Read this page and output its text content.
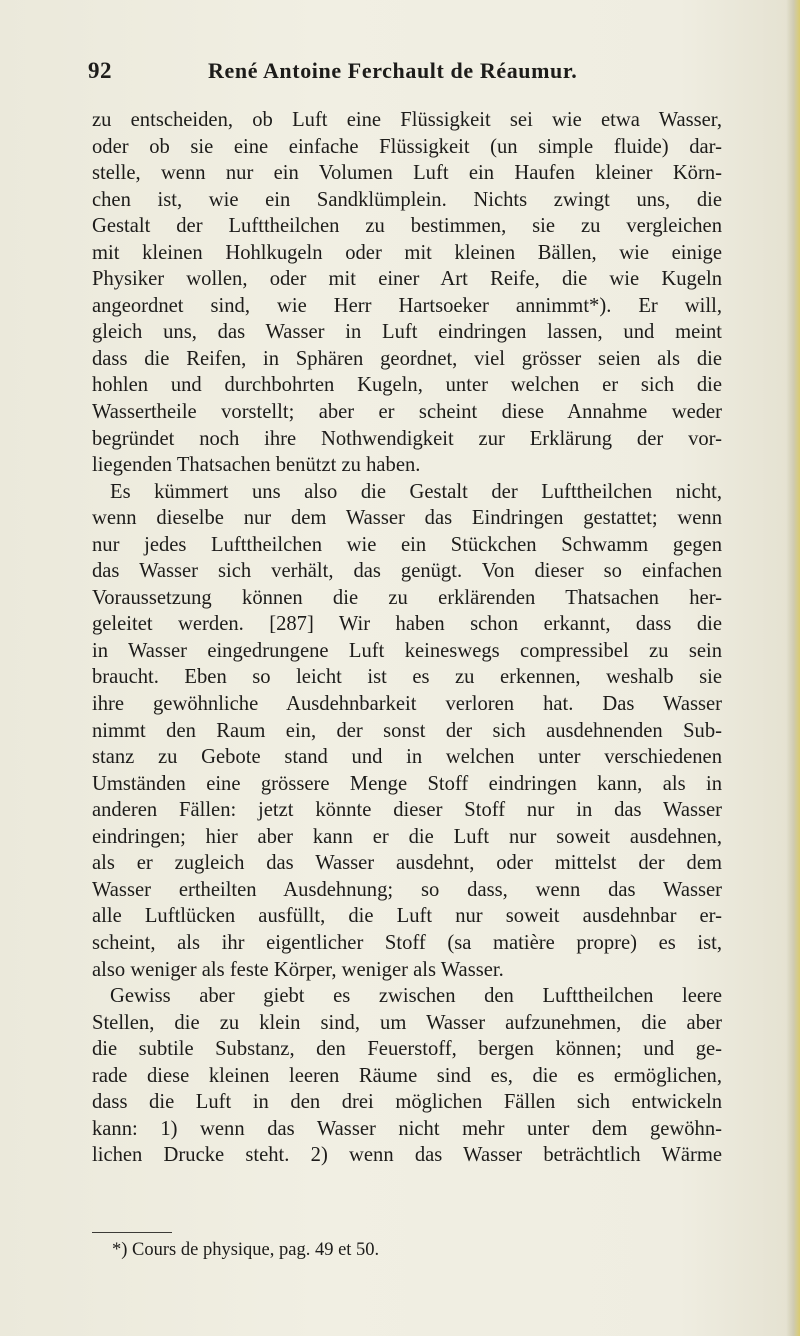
92	René Antoine Ferchault de Réaumur.
zu entscheiden, ob Luft eine Flüssigkeit sei wie etwa Wasser,
oder ob sie eine einfache Flüssigkeit (un simple fluide) dar-
stelle, wenn nur ein Volumen Luft ein Haufen kleiner Körn-
chen ist, wie ein Sandklümplein. Nichts zwingt uns, die
Gestalt der Lufttheilchen zu bestimmen, sie zu vergleichen
mit kleinen Hohlkugeln oder mit kleinen Bällen, wie einige
Physiker wollen, oder mit einer Art Reife, die wie Kugeln
angeordnet sind, wie Herr Hartsoeker annimmt*). Er will,
gleich uns, das Wasser in Luft eindringen lassen, und meint
dass die Reifen, in Sphären geordnet, viel grösser seien als die
hohlen und durchbohrten Kugeln, unter welchen er sich die
Wassertheile vorstellt; aber er scheint diese Annahme weder
begründet noch ihre Nothwendigkeit zur Erklärung der vor-
liegenden Thatsachen benützt zu haben.
Es kümmert uns also die Gestalt der Lufttheilchen nicht,
wenn dieselbe nur dem Wasser das Eindringen gestattet; wenn
nur jedes Lufttheilchen wie ein Stückchen Schwamm gegen
das Wasser sich verhält, das genügt. Von dieser so einfachen
Voraussetzung können die zu erklärenden Thatsachen her-
geleitet werden. [287] Wir haben schon erkannt, dass die
in Wasser eingedrungene Luft keineswegs compressibel zu sein
braucht. Eben so leicht ist es zu erkennen, weshalb sie
ihre gewöhnliche Ausdehnbarkeit verloren hat. Das Wasser
nimmt den Raum ein, der sonst der sich ausdehnenden Sub-
stanz zu Gebote stand und in welchen unter verschiedenen
Umständen eine grössere Menge Stoff eindringen kann, als in
anderen Fällen: jetzt könnte dieser Stoff nur in das Wasser
eindringen; hier aber kann er die Luft nur soweit ausdehnen,
als er zugleich das Wasser ausdehnt, oder mittelst der dem
Wasser ertheilten Ausdehnung; so dass, wenn das Wasser
alle Luftlücken ausfüllt, die Luft nur soweit ausdehnbar er-
scheint, als ihr eigentlicher Stoff (sa matière propre) es ist,
also weniger als feste Körper, weniger als Wasser.
Gewiss aber giebt es zwischen den Lufttheilchen leere
Stellen, die zu klein sind, um Wasser aufzunehmen, die aber
die subtile Substanz, den Feuerstoff, bergen können; und ge-
rade diese kleinen leeren Räume sind es, die es ermöglichen,
dass die Luft in den drei möglichen Fällen sich entwickeln
kann: 1) wenn das Wasser nicht mehr unter dem gewöhn-
lichen Drucke steht. 2) wenn das Wasser beträchtlich Wärme
*) Cours de physique, pag. 49 et 50.
